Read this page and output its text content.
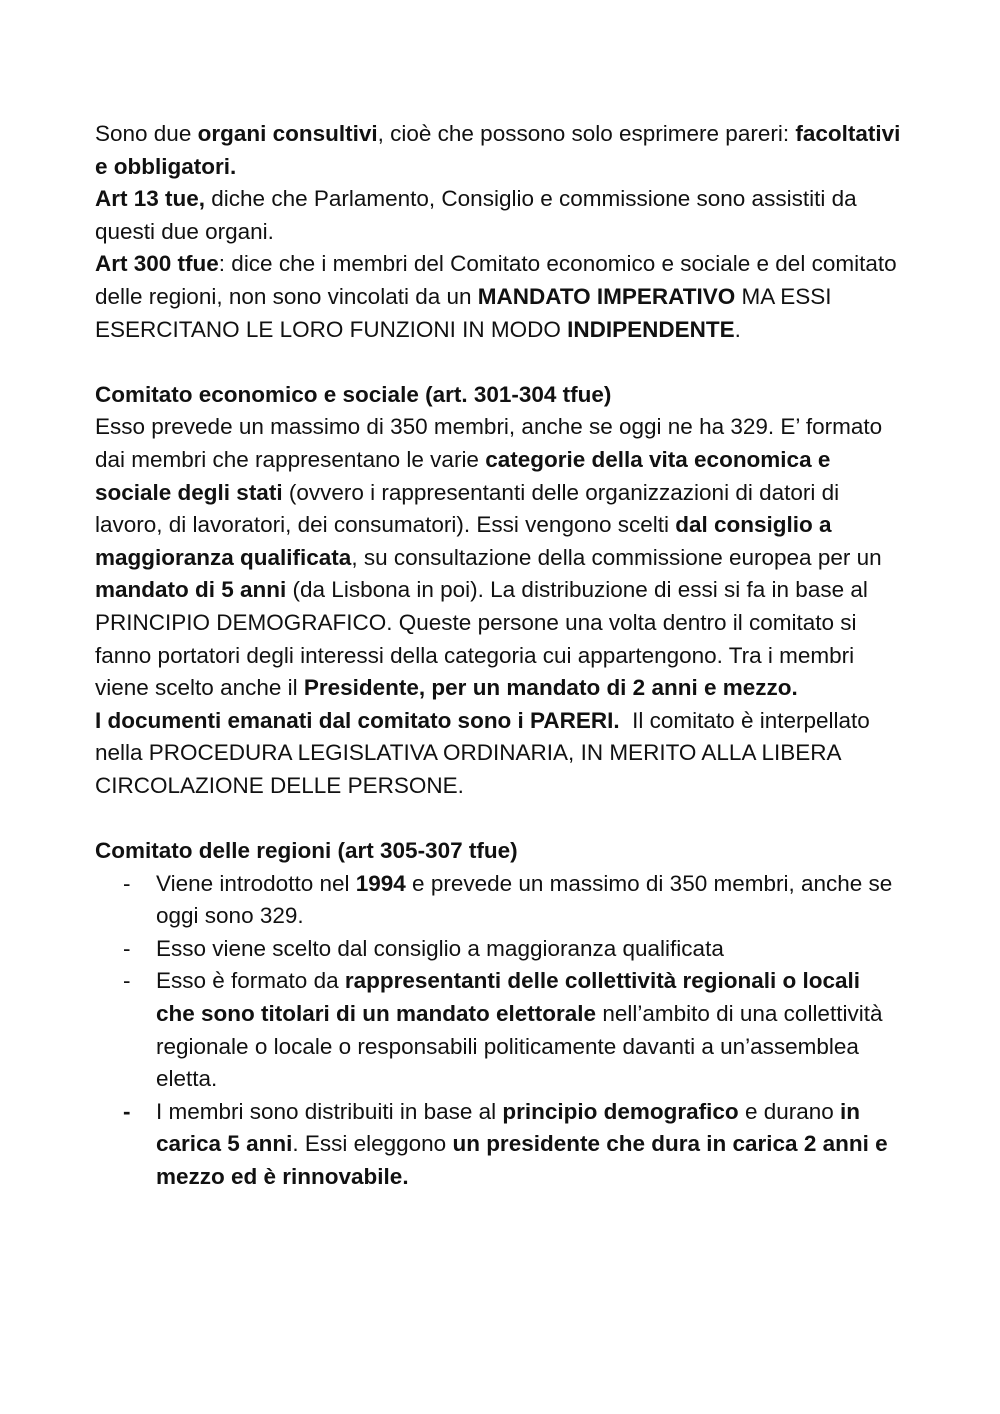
Sono due organi consultivi, cioè che possono solo esprimere pareri: facoltativi e obbligatori.

Art 13 tue, diche che Parlamento, Consiglio e commissione sono assistiti da questi due organi.

Art 300 tfue: dice che i membri del Comitato economico e sociale e del comitato delle regioni, non sono vincolati da un MANDATO IMPERATIVO MA ESSI ESERCITANO LE LORO FUNZIONI IN MODO INDIPENDENTE.

Comitato economico e sociale (art. 301-304 tfue)

Esso prevede un massimo di 350 membri, anche se oggi ne ha 329. E’ formato dai membri che rappresentano le varie categorie della vita economica e sociale degli stati (ovvero i rappresentanti delle organizzazioni di datori di lavoro, di lavoratori, dei consumatori). Essi vengono scelti dal consiglio a maggioranza qualificata, su consultazione della commissione europea per un mandato di 5 anni (da Lisbona in poi). La distribuzione di essi si fa in base al PRINCIPIO DEMOGRAFICO. Queste persone una volta dentro il comitato si fanno portatori degli interessi della categoria cui appartengono. Tra i membri viene scelto anche il Presidente, per un mandato di 2 anni e mezzo.

I documenti emanati dal comitato sono i PARERI.  Il comitato è interpellato nella PROCEDURA LEGISLATIVA ORDINARIA, IN MERITO ALLA LIBERA CIRCOLAZIONE DELLE PERSONE.

Comitato delle regioni (art 305-307 tfue)

- Viene introdotto nel 1994 e prevede un massimo di 350 membri, anche se oggi sono 329.
- Esso viene scelto dal consiglio a maggioranza qualificata
- Esso è formato da rappresentanti delle collettività regionali o locali che sono titolari di un mandato elettorale nell’ambito di una collettività regionale o locale o responsabili politicamente davanti a un’assemblea eletta.
- I membri sono distribuiti in base al principio demografico e durano in carica 5 anni. Essi eleggono un presidente che dura in carica 2 anni e mezzo ed è rinnovabile.
